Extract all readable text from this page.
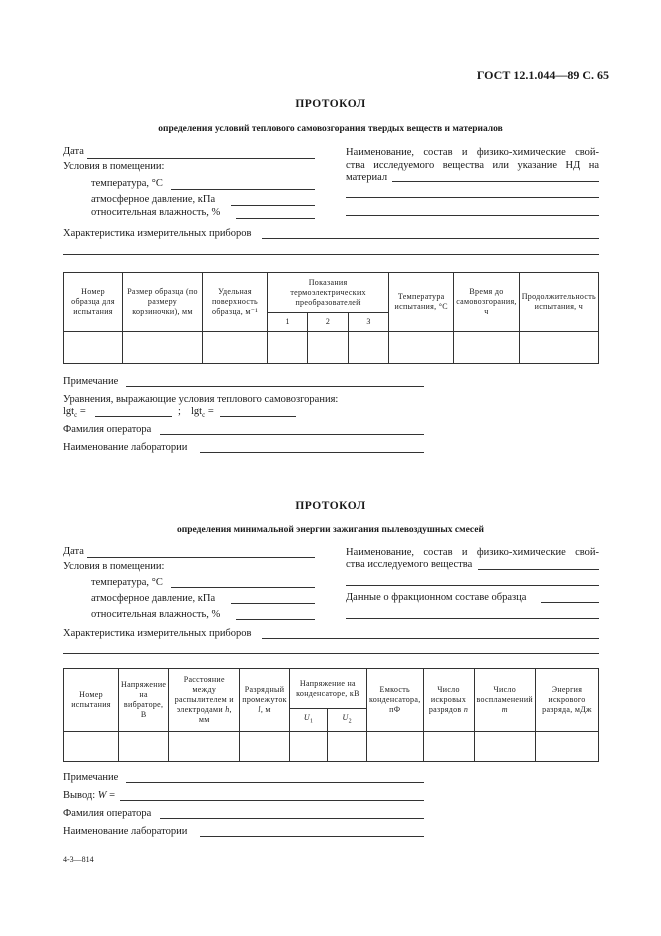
ГОСТ 12.1.044—89 С. 65
ПРОТОКОЛ
определения условий теплового самовозгорания твердых веществ и материалов
Дата
Условия в помещении:
температура, °С
атмосферное давление, кПа
относительная влажность, %
Наименование, состав и физико-химические свой-
ства исследуемого вещества или указание НД на
материал
Характеристика измерительных приборов
Номер образца для испытания	Размер образца (по размеру корзиночки), мм	Удельная поверхность образца, м⁻¹	Показания термоэлектрических преобразователей			Температура испытания, °С	Время до самовозгорания, ч	Продолжительность испытания, ч
			1	2	3			

Примечание
Уравнения, выражающие условия теплового самовозгорания:
lgt$_c$ =	; lgt$_c$ =
Фамилия оператора
Наименование лаборатории
ПРОТОКОЛ
определения минимальной энергии зажигания пылевоздушных смесей
Дата
Условия в помещении:
температура, °С
атмосферное давление, кПа
относительная влажность, %
Наименование, состав и физико-химические свой-
ства исследуемого вещества
Данные о фракционном составе образца
Характеристика измерительных приборов
Номер испытания	Напряжение на вибраторе, В	Расстояние между распылителем и электродами h, мм	Разрядный промежуток l, м	Напряжение на конденсаторе, кВ		Емкость конденсатора, пФ	Число искровых разрядов n	Число воспламенений m	Энергия искрового разряда, мДж
				$U_1$	$U_2$

Примечание
Вывод: W =
Фамилия оператора
Наименование лаборатории
4-3—814
